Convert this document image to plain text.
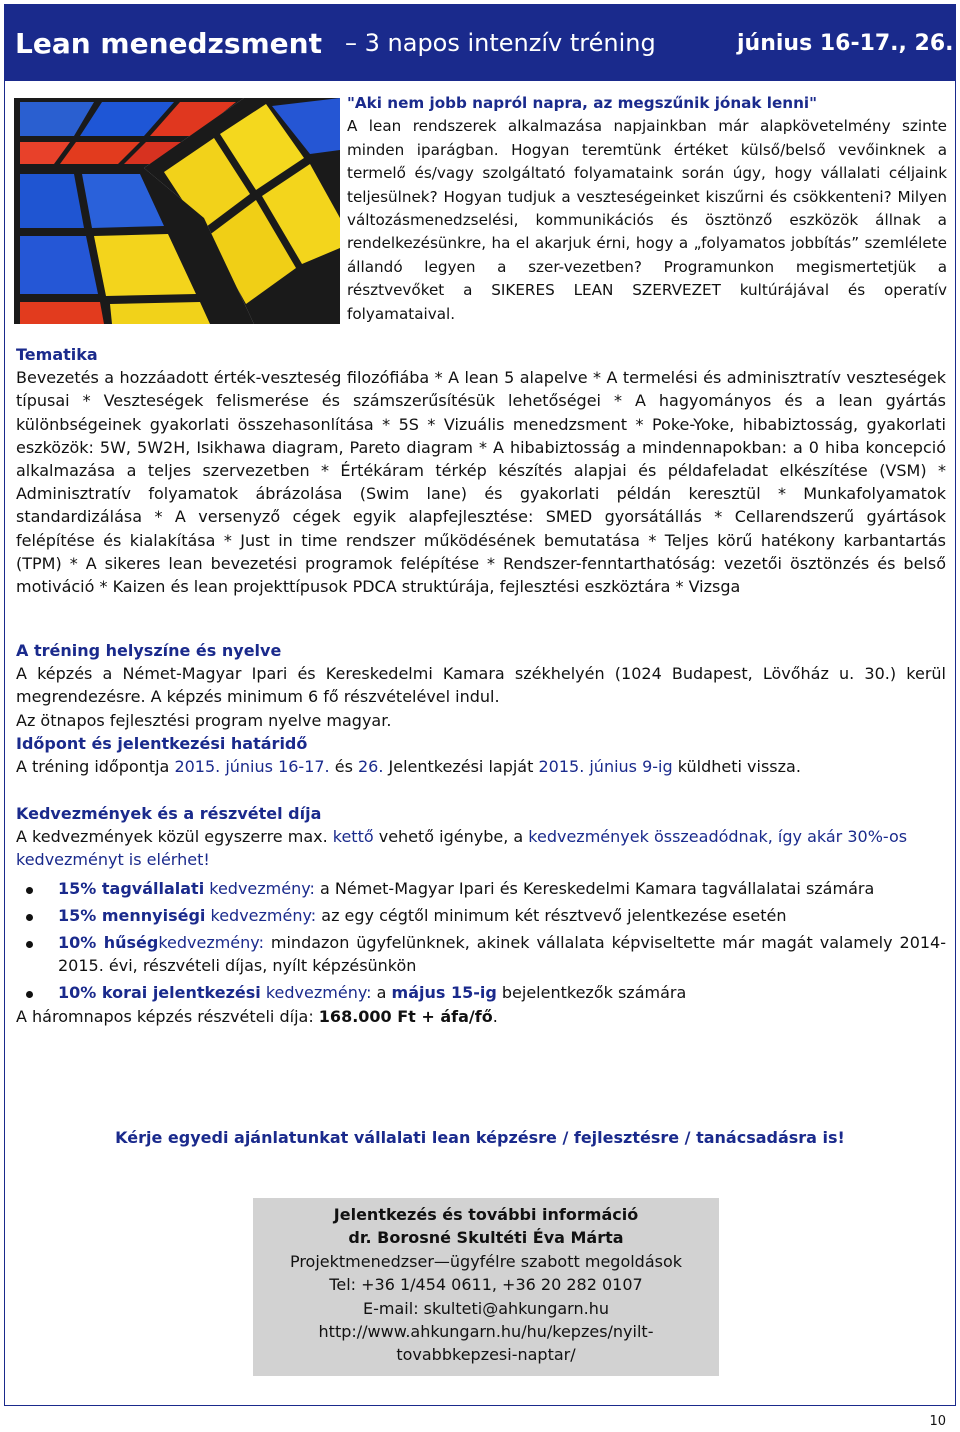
Lean menedzsment – 3 napos intenzív tréning	június 16-17., 26.
"Aki nem jobb napról napra, az megszűnik jónak lenni"
A lean rendszerek alkalmazása napjainkban már alapkövetelmény szinte minden iparágban. Hogyan teremtünk értéket külső/belső vevőinknek a termelő és/vagy szolgáltató folyamataink során úgy, hogy vállalati céljaink teljesülnek? Hogyan tudjuk a veszteségeinket kiszűrni és csökkenteni? Milyen változásmenedzselési, kommunikációs és ösztönző eszközök állnak a rendelkezésünkre, ha el akarjuk érni, hogy a „folyamatos jobbítás” szemlélete állandó legyen a szer-vezetben? Programunkon megismertetjük a résztvevőket a SIKERES LEAN SZERVEZET kultúrájával és operatív folyamataival.
Tematika
Bevezetés a hozzáadott érték-veszteség filozófiába * A lean 5 alapelve * A termelési és adminisztratív veszteségek típusai * Veszteségek felismerése és számszerűsítésük lehetőségei * A hagyományos és a lean gyártás különbségeinek gyakorlati összehasonlítása * 5S * Vizuális menedzsment * Poke-Yoke, hibabiztosság, gyakorlati eszközök: 5W, 5W2H, Isikhawa diagram, Pareto diagram * A hibabiztosság a mindennapokban: a 0 hiba koncepció alkalmazása a teljes szervezetben * Értékáram térkép készítés alapjai és példafeladat elkészítése (VSM) * Adminisztratív folyamatok ábrázolása (Swim lane) és gyakorlati példán keresztül * Munkafolyamatok standardizálása * A versenyző cégek egyik alapfejlesztése: SMED gyorsátállás * Cellarendszerű gyártások felépítése és kialakítása * Just in time rendszer működésének bemutatása * Teljes körű hatékony karbantartás (TPM) * A sikeres lean bevezetési programok felépítése * Rendszer-fenntarthatóság: vezetői ösztönzés és belső motiváció * Kaizen és lean projekttípusok PDCA struktúrája, fejlesztési eszköztára * Vizsga
A tréning helyszíne és nyelve
A képzés a Német-Magyar Ipari és Kereskedelmi Kamara székhelyén (1024 Budapest, Lövőház u. 30.) kerül megrendezésre. A képzés minimum 6 fő részvételével indul.
Az ötnapos fejlesztési program nyelve magyar.
Időpont és jelentkezési határidő
A tréning időpontja 2015. június 16-17. és 26. Jelentkezési lapját 2015. június 9-ig küldheti vissza.
Kedvezmények és a részvétel díja
A kedvezmények közül egyszerre max. kettő vehető igénybe, a kedvezmények összeadódnak, így akár 30%-os kedvezményt is elérhet!
15% tagvállalati kedvezmény: a Német-Magyar Ipari és Kereskedelmi Kamara tagvállalatai számára
15% mennyiségi kedvezmény: az egy cégtől minimum két résztvevő jelentkezése esetén
10% hűségkedvezmény: mindazon ügyfelünknek, akinek vállalata képviseltette már magát valamely 2014-2015. évi, részvételi díjas, nyílt képzésünkön
10% korai jelentkezési kedvezmény: a május 15-ig bejelentkezők számára
A háromnapos képzés részvételi díja: 168.000 Ft + áfa/fő.
Kérje egyedi ajánlatunkat vállalati lean képzésre / fejlesztésre / tanácsadásra is!
Jelentkezés és további információ
dr. Borosné Skultéti Éva Márta
Projektmenedzser—ügyfélre szabott megoldások
Tel: +36 1/454 0611, +36 20 282 0107
E-mail: skulteti@ahkungarn.hu
http://www.ahkungarn.hu/hu/kepzes/nyilt-
tovabbkepzesi-naptar/
10
